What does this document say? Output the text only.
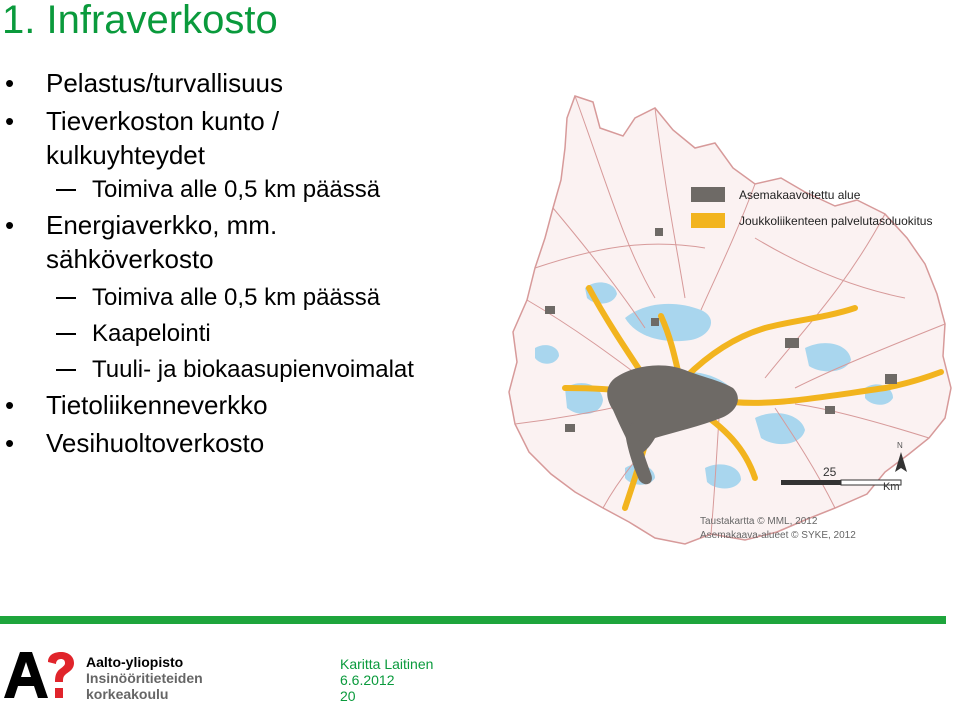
1. Infraverkosto
• Pelastus/turvallisuus
• Tieverkoston kunto /
kulkuyhteydet
Toimiva alle 0,5 km päässä
• Energiaverkko, mm.
sähköverkosto
Toimiva alle 0,5 km päässä
Kaapelointi
Tuuli- ja biokaasupienvoimalat
• Tietoliikenneverkko
• Vesihuoltoverkosto
Asemakaavoitettu alue
Joukkoliikenteen palvelutasoluokitus
N
25
Km
Taustakartta © MML, 2012
Asemakaava-alueet © SYKE, 2012
Aalto-yliopisto
Insinööritieteiden
korkeakoulu
Karitta Laitinen
6.6.2012
20
